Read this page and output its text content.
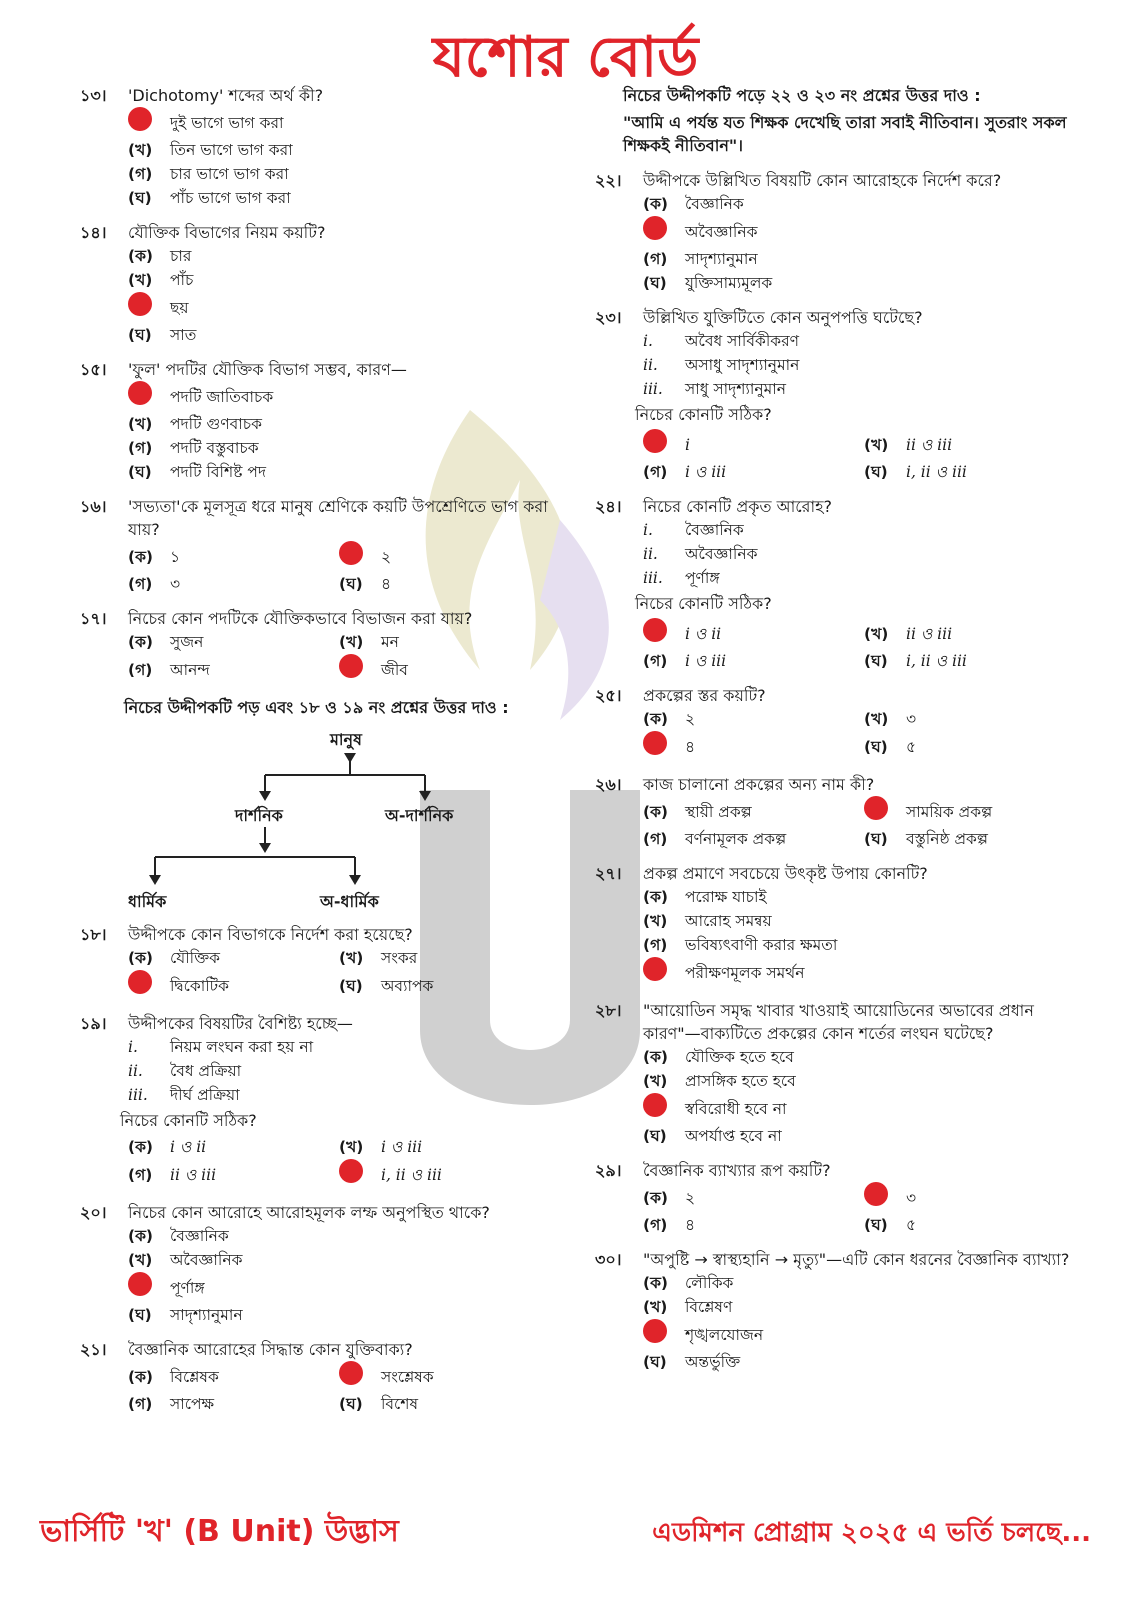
যশোর বোর্ড
১৩।	'Dichotomy' শব্দের অর্থ কী?
দুই ভাগে ভাগ করা
(খ)	তিন ভাগে ভাগ করা
(গ)	চার ভাগে ভাগ করা
(ঘ)	পাঁচ ভাগে ভাগ করা
১৪।	যৌক্তিক বিভাগের নিয়ম কয়টি?
(ক)	চার
(খ)	পাঁচ
ছয়
(ঘ)	সাত
১৫।	'ফুল' পদটির যৌক্তিক বিভাগ সম্ভব, কারণ—
পদটি জাতিবাচক
(খ)	পদটি গুণবাচক
(গ)	পদটি বস্তুবাচক
(ঘ)	পদটি বিশিষ্ট পদ
১৬।	'সভ্যতা'কে মূলসূত্র ধরে মানুষ শ্রেণিকে কয়টি উপশ্রেণিতে ভাগ করা যায়?
(ক)	১	২
(গ)	৩	(ঘ)	৪
১৭।	নিচের কোন পদটিকে যৌক্তিকভাবে বিভাজন করা যায়?
(ক)	সুজন	(খ)	মন
(গ)	আনন্দ	জীব
নিচের উদ্দীপকটি পড় এবং ১৮ ও ১৯ নং প্রশ্নের উত্তর দাও :
মানুষ
দার্শনিক	অ-দার্শনিক
ধার্মিক	অ-ধার্মিক
১৮।	উদ্দীপকে কোন বিভাগকে নির্দেশ করা হয়েছে?
(ক)	যৌক্তিক	(খ)	সংকর
দ্বিকোটিক	(ঘ)	অব্যাপক
১৯।	উদ্দীপকের বিষয়টির বৈশিষ্ট্য হচ্ছে—
i.	নিয়ম লংঘন করা হয় না
ii.	বৈধ প্রক্রিয়া
iii.	দীর্ঘ প্রক্রিয়া
নিচের কোনটি সঠিক?
(ক)	i ও ii	(খ)	i ও iii
(গ)	ii ও iii	i, ii ও iii
২০।	নিচের কোন আরোহে আরোহমূলক লম্ফ অনুপস্থিত থাকে?
(ক)	বৈজ্ঞানিক
(খ)	অবৈজ্ঞানিক
পূর্ণাঙ্গ
(ঘ)	সাদৃশ্যানুমান
২১।	বৈজ্ঞানিক আরোহের সিদ্ধান্ত কোন যুক্তিবাক্য?
(ক)	বিশ্লেষক	সংশ্লেষক
(গ)	সাপেক্ষ	(ঘ)	বিশেষ
নিচের উদ্দীপকটি পড়ে ২২ ও ২৩ নং প্রশ্নের উত্তর দাও :
"আমি এ পর্যন্ত যত শিক্ষক দেখেছি তারা সবাই নীতিবান। সুতরাং সকল শিক্ষকই নীতিবান"।
২২।	উদ্দীপকে উল্লিখিত বিষয়টি কোন আরোহকে নির্দেশ করে?
(ক)	বৈজ্ঞানিক
অবৈজ্ঞানিক
(গ)	সাদৃশ্যানুমান
(ঘ)	যুক্তিসাম্যমূলক
২৩।	উল্লিখিত যুক্তিটিতে কোন অনুপপত্তি ঘটেছে?
i.	অবৈধ সার্বিকীকরণ
ii.	অসাধু সাদৃশ্যানুমান
iii.	সাধু সাদৃশ্যানুমান
নিচের কোনটি সঠিক?
i	(খ)	ii ও iii
(গ)	i ও iii	(ঘ)	i, ii ও iii
২৪।	নিচের কোনটি প্রকৃত আরোহ?
i.	বৈজ্ঞানিক
ii.	অবৈজ্ঞানিক
iii.	পূর্ণাঙ্গ
নিচের কোনটি সঠিক?
i ও ii	(খ)	ii ও iii
(গ)	i ও iii	(ঘ)	i, ii ও iii
২৫।	প্রকল্পের স্তর কয়টি?
(ক)	২	(খ)	৩
৪	(ঘ)	৫
২৬।	কাজ চালানো প্রকল্পের অন্য নাম কী?
(ক)	স্থায়ী প্রকল্প	সাময়িক প্রকল্প
(গ)	বর্ণনামূলক প্রকল্প	(ঘ)	বস্তুনিষ্ঠ প্রকল্প
২৭।	প্রকল্প প্রমাণে সবচেয়ে উৎকৃষ্ট উপায় কোনটি?
(ক)	পরোক্ষ যাচাই
(খ)	আরোহ সমন্বয়
(গ)	ভবিষ্যৎবাণী করার ক্ষমতা
পরীক্ষণমূলক সমর্থন
২৮।	"আয়োডিন সমৃদ্ধ খাবার খাওয়াই আয়োডিনের অভাবের প্রধান কারণ"—বাক্যটিতে প্রকল্পের কোন শর্তের লংঘন ঘটেছে?
(ক)	যৌক্তিক হতে হবে
(খ)	প্রাসঙ্গিক হতে হবে
স্ববিরোধী হবে না
(ঘ)	অপর্যাপ্ত হবে না
২৯।	বৈজ্ঞানিক ব্যাখ্যার রূপ কয়টি?
(ক)	২	৩
(গ)	৪	(ঘ)	৫
৩০।	"অপুষ্টি → স্বাস্থ্যহানি → মৃত্যু"—এটি কোন ধরনের বৈজ্ঞানিক ব্যাখ্যা?
(ক)	লৌকিক
(খ)	বিশ্লেষণ
শৃঙ্খলযোজন
(ঘ)	অন্তর্ভুক্তি
ভার্সিটি 'খ' (B Unit) উদ্ভাস	এডমিশন প্রোগ্রাম ২০২৫ এ ভর্তি চলছে...
